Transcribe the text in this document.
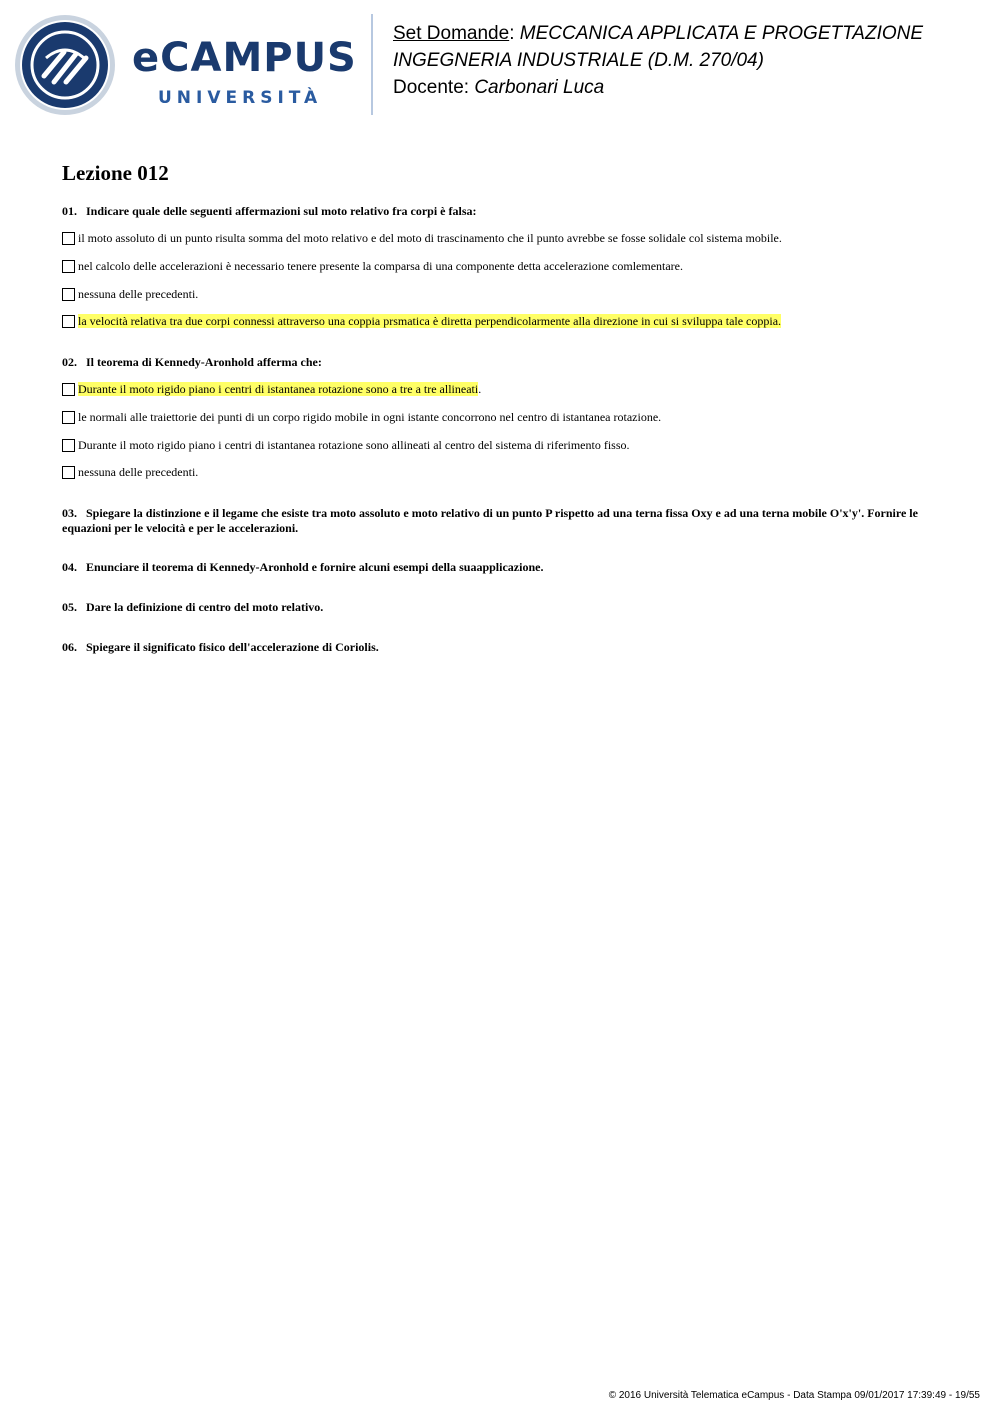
eCAMPUS
UNIVERSITÀ
Set Domande: MECCANICA APPLICATA E PROGETTAZIONE
INGEGNERIA INDUSTRIALE (D.M. 270/04)
Docente: Carbonari Luca
Lezione 012
01. Indicare quale delle seguenti affermazioni sul moto relativo fra corpi è falsa:
il moto assoluto di un punto risulta somma del moto relativo e del moto di trascinamento che il punto avrebbe se fosse solidale col sistema mobile.
nel calcolo delle accelerazioni è necessario tenere presente la comparsa di una componente detta accelerazione comlementare.
nessuna delle precedenti.
la velocità relativa tra due corpi connessi attraverso una coppia prsmatica è diretta perpendicolarmente alla direzione in cui si sviluppa tale coppia.
02. Il teorema di Kennedy-Aronhold afferma che:
Durante il moto rigido piano i centri di istantanea rotazione sono a tre a tre allineati.
le normali alle traiettorie dei punti di un corpo rigido mobile in ogni istante concorrono nel centro di istantanea rotazione.
Durante il moto rigido piano i centri di istantanea rotazione sono allineati al centro del sistema di riferimento fisso.
nessuna delle precedenti.
03. Spiegare la distinzione e il legame che esiste tra moto assoluto e moto relativo di un punto P rispetto ad una terna fissa Oxy e ad una terna mobile O'x'y'. Fornire le equazioni per le velocità e per le accelerazioni.
04. Enunciare il teorema di Kennedy-Aronhold e fornire alcuni esempi della suaapplicazione.
05. Dare la definizione di centro del moto relativo.
06. Spiegare il significato fisico dell'accelerazione di Coriolis.
© 2016 Università Telematica eCampus - Data Stampa 09/01/2017 17:39:49 - 19/55
